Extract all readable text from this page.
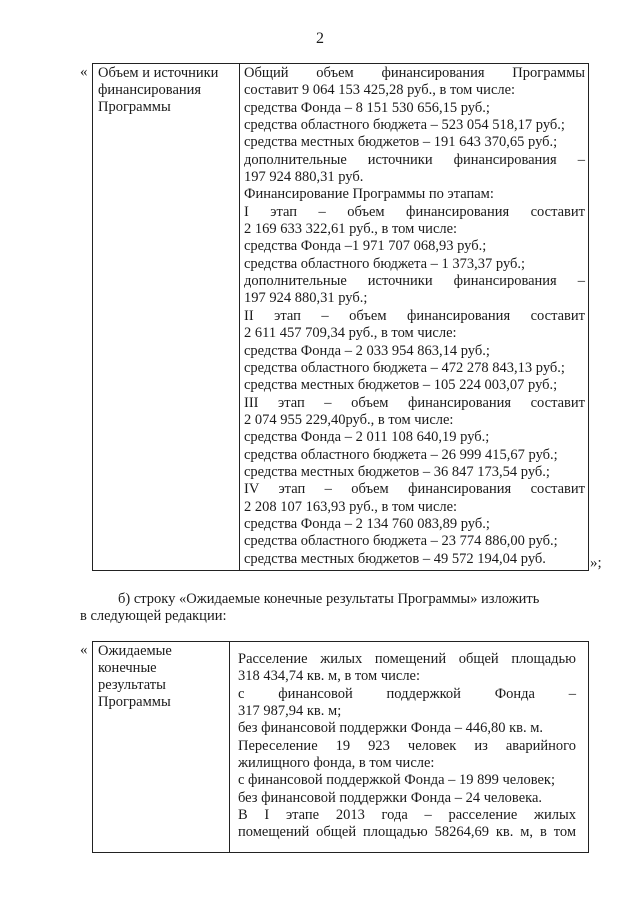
2
« Объем и источники
финансирования
Программы

Общий объем финансирования Программы
составит 9 064 153 425,28 руб., в том числе:
средства Фонда – 8 151 530 656,15 руб.;
средства областного бюджета – 523 054 518,17 руб.;
средства местных бюджетов – 191 643 370,65 руб.;
дополнительные источники финансирования –
197 924 880,31 руб.
Финансирование Программы по этапам:
I этап – объем финансирования составит
2 169 633 322,61 руб., в том числе:
средства Фонда –1 971 707 068,93 руб.;
средства областного бюджета – 1 373,37 руб.;
дополнительные источники финансирования –
197 924 880,31 руб.;
II этап – объем финансирования составит
2 611 457 709,34 руб., в том числе:
средства Фонда – 2 033 954 863,14 руб.;
средства областного бюджета – 472 278 843,13 руб.;
средства местных бюджетов – 105 224 003,07 руб.;
III этап – объем финансирования составит
2 074 955 229,40руб., в том числе:
средства Фонда – 2 011 108 640,19 руб.;
средства областного бюджета – 26 999 415,67 руб.;
средства местных бюджетов – 36 847 173,54 руб.;
IV этап – объем финансирования составит
2 208 107 163,93 руб., в том числе:
средства Фонда – 2 134 760 083,89 руб.;
средства областного бюджета – 23 774 886,00 руб.;
средства местных бюджетов – 49 572 194,04 руб.	»;
б) строку «Ожидаемые конечные результаты Программы» изложить
в следующей редакции:
« Ожидаемые
конечные
результаты
Программы

Расселение жилых помещений общей площадью
318 434,74 кв. м, в том числе:
с финансовой поддержкой Фонда –
317 987,94 кв. м;
без финансовой поддержки Фонда – 446,80 кв. м.
Переселение 19 923 человек из аварийного
жилищного фонда, в том числе:
с финансовой поддержкой Фонда – 19 899 человек;
без финансовой поддержки Фонда – 24 человека.
В I этапе 2013 года – расселение жилых
помещений общей площадью 58264,69 кв. м, в том
